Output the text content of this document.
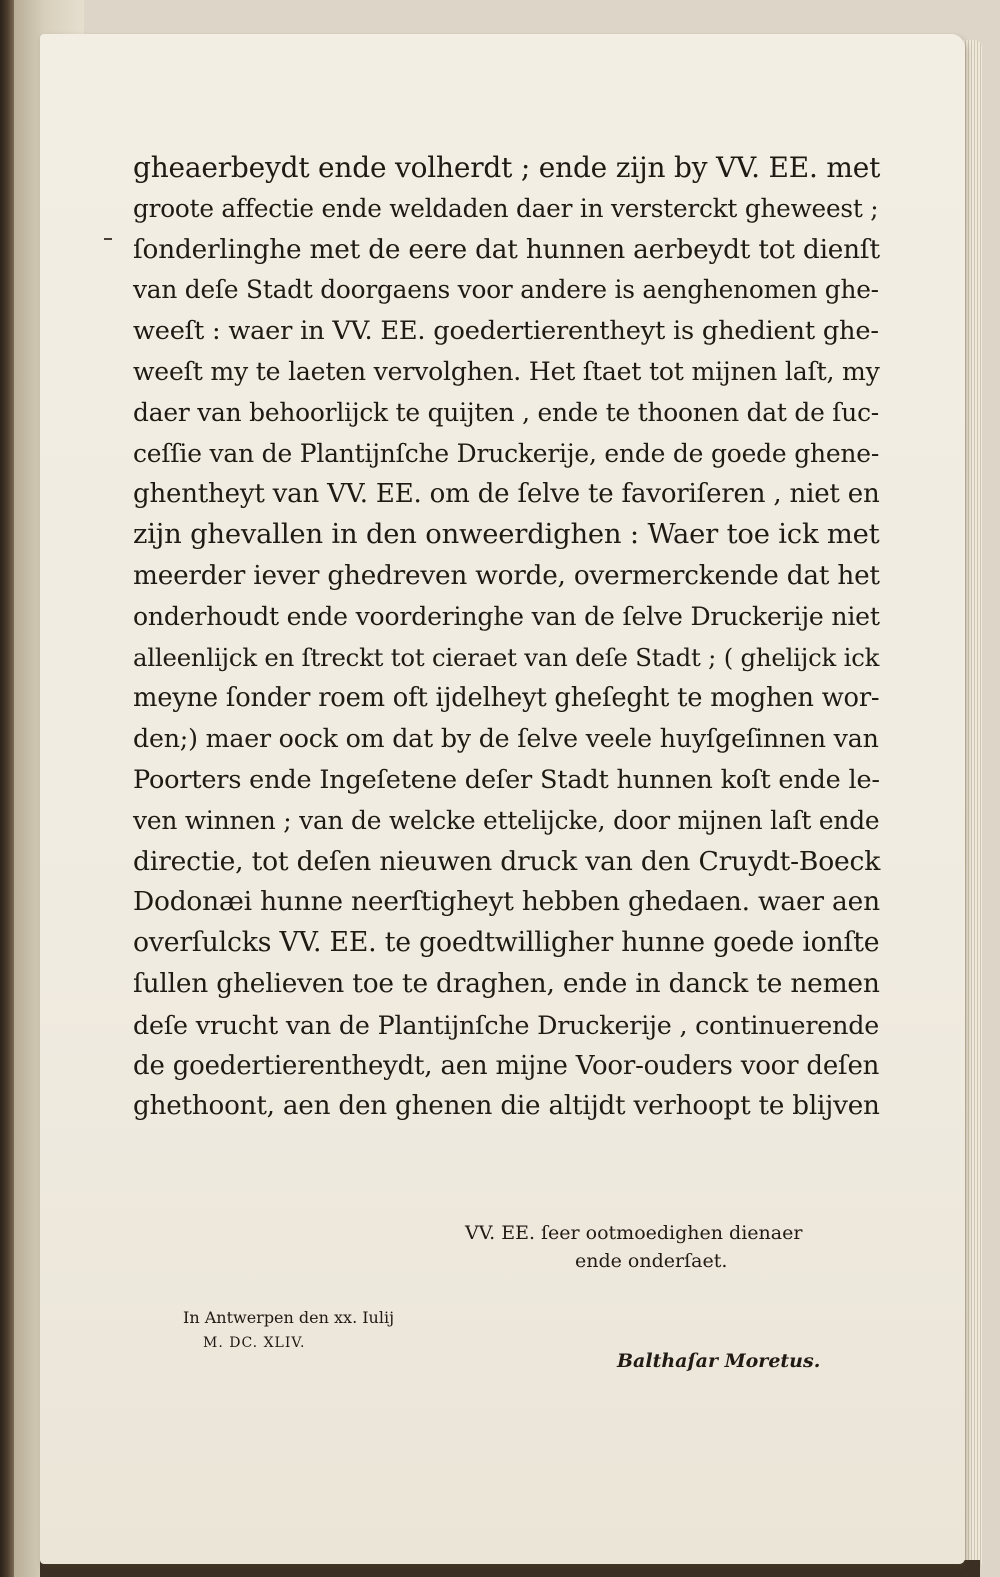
gheaerbeydt ende volherdt ; ende zijn by VV. EE. met
groote affectie ende weldaden daer in versterckt gheweest ;
ſonderlinghe met de eere dat hunnen aerbeydt tot dienſt
van deſe Stadt doorgaens voor andere is aenghenomen ghe-
weeſt : waer in VV. EE. goedertierentheyt is ghedient ghe-
weeſt my te laeten vervolghen. Het ſtaet tot mijnen laſt, my
daer van behoorlijck te quijten , ende te thoonen dat de ſuc-
ceſſie van de Plantijnſche Druckerije, ende de goede ghene-
ghentheyt van VV. EE. om de ſelve te favoriſeren , niet en
zijn ghevallen in den onweerdighen : Waer toe ick met
meerder iever ghedreven worde, overmerckende dat het
onderhoudt ende voorderinghe van de ſelve Druckerije niet
alleenlijck en ſtreckt tot cieraet van deſe Stadt ; ( ghelijck ick
meyne ſonder roem oft ijdelheyt gheſeght te moghen wor-
den;) maer oock om dat by de ſelve veele huyſgeſinnen van
Poorters ende Ingeſetene deſer Stadt hunnen koſt ende le-
ven winnen ; van de welcke ettelijcke, door mijnen laſt ende
directie, tot deſen nieuwen druck van den Cruydt-Boeck
Dodonæi hunne neerſtigheyt hebben ghedaen. waer aen
overſulcks VV. EE. te goedtwilligher hunne goede ionſte
ſullen ghelieven toe te draghen, ende in danck te nemen
deſe vrucht van de Plantijnſche Druckerije , continuerende
de goedertierentheydt, aen mijne Voor-ouders voor deſen
ghethoont, aen den ghenen die altijdt verhoopt te blijven
VV. EE. ſeer ootmoedighen dienaer
ende onderſaet.
In Antwerpen den xx. Iulij
M. DC. XLIV.
Balthaſar Moretus.
